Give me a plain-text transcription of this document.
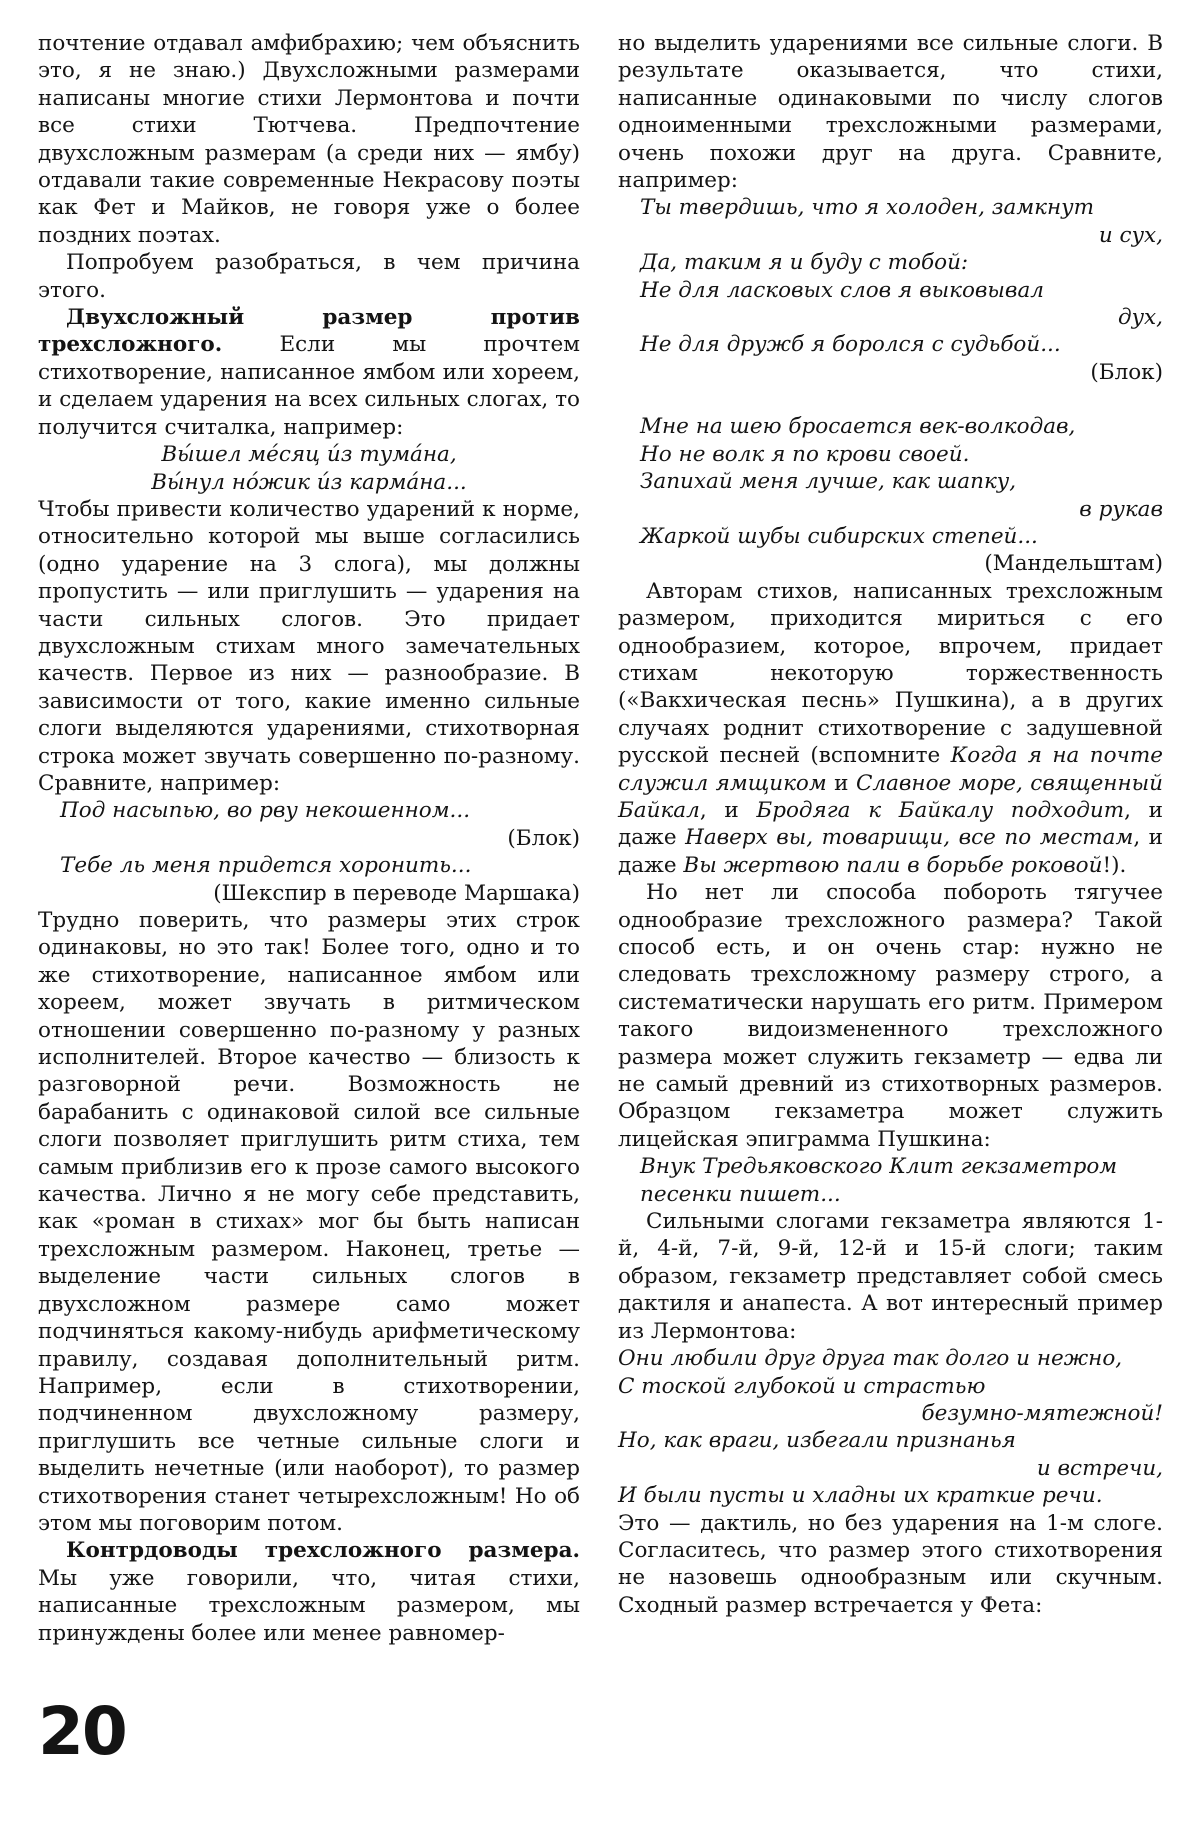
почтение отдавал амфибрахию; чем объяснить это, я не знаю.) Двухсложными размерами написаны многие стихи Лермонтова и почти все стихи Тютчева. Предпочтение двухсложным размерам (а среди них — ямбу) отдавали такие современные Некрасову поэты как Фет и Майков, не говоря уже о более поздних поэтах.

Попробуем разобраться, в чем причина этого.

Двухсложный размер против трехсложного.	Если мы прочтем стихотворение, написанное ямбом или хореем, и сделаем ударения на всех сильных слогах, то получится считалка, например:

Вы́шел ме́сяц и́з тума́на,
Вы́нул но́жик и́з карма́на...

Чтобы привести количество ударений к норме, относительно которой мы выше согласились (одно ударение на 3 слога), мы должны пропустить — или приглушить — ударения на части сильных слогов. Это придает двухсложным стихам много замечательных качеств. Первое из них — разнообразие. В зависимости от того, какие именно сильные слоги выделяются ударениями, стихотворная строка может звучать совершенно по-разному. Сравните, например:

Под насыпью, во рву некошенном...
(Блок)
Тебе ль меня придется хоронить...
(Шекспир в переводе Маршака)

Трудно поверить, что размеры этих строк одинаковы, но это так! Более того, одно и то же стихотворение, написанное ямбом или хореем, может звучать в ритмическом отношении совершенно по-разному у разных исполнителей. Второе качество — близость к разговорной речи. Возможность не барабанить с одинаковой силой все сильные слоги позволяет приглушить ритм стиха, тем самым приблизив его к прозе самого высокого качества. Лично я не могу себе представить, как «роман в стихах» мог бы быть написан трехсложным размером. Наконец, третье — выделение части сильных слогов в двухсложном размере само может подчиняться какому-нибудь арифметическому правилу, создавая дополнительный ритм. Например, если в стихотворении, подчиненном двухсложному размеру, приглушить все четные сильные слоги и выделить нечетные (или наоборот), то размер стихотворения станет четырехсложным! Но об этом мы поговорим потом.

Контрдоводы трехсложного размера. Мы уже говорили, что, читая стихи, написанные трехсложным размером, мы принуждены более или менее равномер-

но выделить ударениями все сильные слоги. В результате оказывается, что стихи, написанные одинаковыми по числу слогов одноименными трехсложными размерами, очень похожи друг на друга. Сравните, например:

Ты твердишь, что я холоден, замкнут
и сух,
Да, таким я и буду с тобой:
Не для ласковых слов я выковывал
дух,
Не для дружб я боролся с судьбой...
(Блок)
Мне на шею бросается век-волкодав,
Но не волк я по крови своей.
Запихай меня лучше, как шапку,
в рукав
Жаркой шубы сибирских степей...
(Мандельштам)

Авторам стихов, написанных трехсложным размером, приходится мириться с его однообразием, которое, впрочем, придает стихам некоторую торжественность («Вакхическая песнь» Пушкина), а в других случаях роднит стихотворение с задушевной русской песней (вспомните Когда я на почте служил ямщиком и Славное море, священный Байкал, и Бродяга к Байкалу подходит, и даже Наверх вы, товарищи, все по местам, и даже Вы жертвою пали в борьбе роковой!).

Но нет ли способа побороть тягучее однообразие трехсложного размера? Такой способ есть, и он очень стар: нужно не следовать трехсложному размеру строго, а систематически нарушать его ритм. Примером такого видоизмененного трехсложного размера может служить гекзаметр — едва ли не самый древний из стихотворных размеров. Образцом гекзаметра может служить лицейская эпиграмма Пушкина:

Внук Тредьяковского Клит гекзаметром
песенки пишет...

Сильными слогами гекзаметра являются 1-й, 4-й, 7-й, 9-й, 12-й и 15-й слоги; таким образом, гекзаметр представляет собой смесь дактиля и анапеста. А вот интересный пример из Лермонтова:

Они любили друг друга так долго и нежно,
С тоской глубокой и страстью
безумно-мятежной!
Но, как враги, избегали признанья
и встречи,
И были пусты и хладны их краткие речи.

Это — дактиль, но без ударения на 1-м слоге. Согласитесь, что размер этого стихотворения не назовешь однообразным или скучным. Сходный размер встречается у Фета:

20
